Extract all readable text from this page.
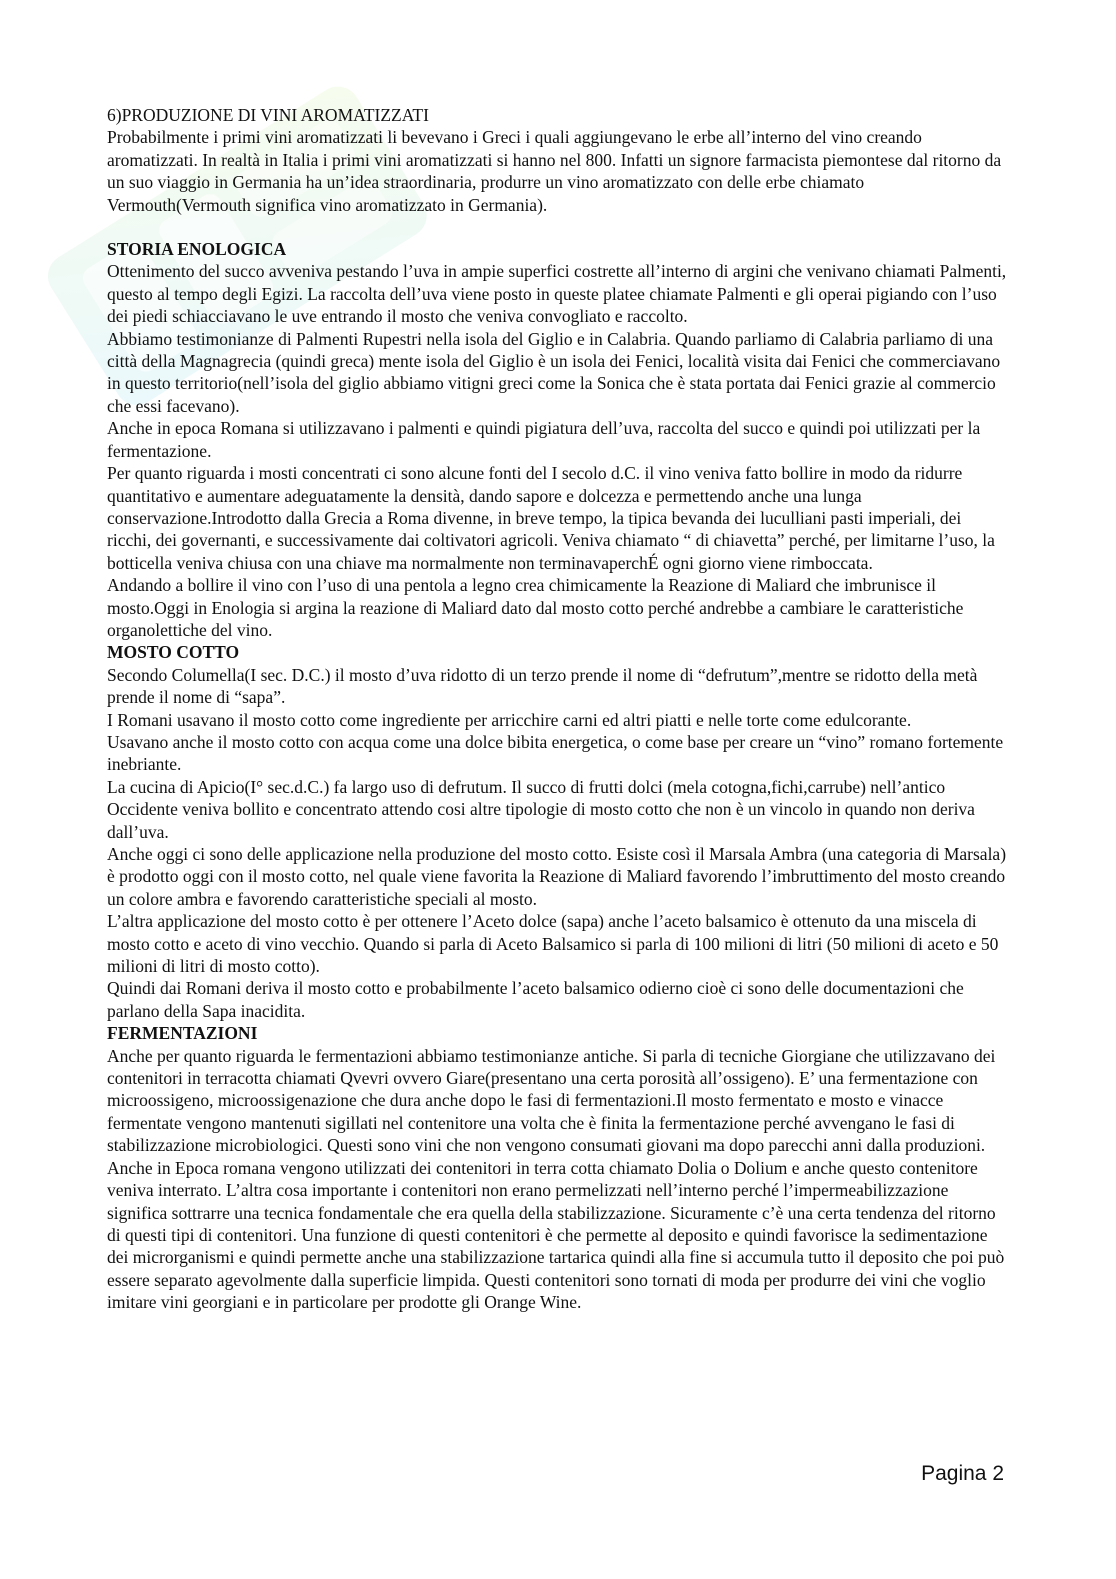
6)PRODUZIONE DI VINI AROMATIZZATI

Probabilmente i primi vini aromatizzati li bevevano i Greci i quali aggiungevano le erbe all’interno del vino creando aromatizzati. In realtà in Italia i primi vini aromatizzati si hanno nel 800. Infatti un signore farmacista piemontese dal ritorno da un suo viaggio in Germania ha un’idea straordinaria, produrre un vino aromatizzato con delle erbe chiamato Vermouth(Vermouth significa vino aromatizzato in Germania).

STORIA ENOLOGICA

Ottenimento del succo avveniva pestando l’uva in ampie superfici costrette all’interno di argini che venivano chiamati Palmenti, questo al tempo degli Egizi. La raccolta dell’uva viene posto in queste platee chiamate Palmenti e gli operai pigiando con l’uso dei piedi schiacciavano le uve entrando il mosto che veniva convogliato e raccolto.

Abbiamo testimonianze di Palmenti Rupestri nella isola del Giglio e in Calabria. Quando parliamo di Calabria parliamo di una città della Magnagrecia (quindi greca) mente isola del Giglio è un isola dei Fenici, località visita dai Fenici che commerciavano in questo territorio(nell’isola del giglio abbiamo vitigni greci come la Sonica che è stata portata dai Fenici grazie al commercio che essi facevano).

Anche in epoca Romana si utilizzavano i palmenti e quindi pigiatura dell’uva, raccolta del succo e quindi poi utilizzati per la fermentazione.

Per quanto riguarda i mosti concentrati ci sono alcune fonti del I secolo d.C. il vino veniva fatto bollire in modo da ridurre quantitativo e aumentare adeguatamente la densità, dando sapore e dolcezza e permettendo anche una lunga conservazione.Introdotto dalla Grecia a Roma divenne, in breve tempo, la tipica bevanda dei luculliani pasti imperiali, dei ricchi, dei governanti, e successivamente dai coltivatori agricoli. Veniva chiamato “ di chiavetta” perché, per limitarne l’uso, la botticella veniva chiusa con una chiave ma normalmente non terminavaperchÉ ogni giorno viene rimboccata.

Andando a bollire il vino con l’uso di una pentola a legno crea chimicamente la Reazione di Maliard che imbrunisce il mosto.Oggi in Enologia si argina la reazione di Maliard dato dal mosto cotto perché andrebbe a cambiare le caratteristiche organolettiche del vino.

MOSTO COTTO

Secondo Columella(I sec. D.C.) il mosto d’uva ridotto di un terzo prende il nome di “defrutum”,mentre se ridotto della metà prende il nome di “sapa”.

I Romani usavano il mosto cotto come ingrediente per arricchire carni ed altri piatti e nelle torte come edulcorante.

Usavano anche il mosto cotto con acqua come una dolce bibita energetica, o come base per creare un “vino” romano fortemente inebriante.

La cucina di Apicio(I° sec.d.C.) fa largo uso di defrutum. Il succo di frutti dolci (mela cotogna,fichi,carrube) nell’antico Occidente veniva bollito e concentrato attendo cosi altre tipologie di mosto cotto che non è un vincolo in quando non deriva dall’uva.

Anche oggi ci sono delle applicazione nella produzione del mosto cotto. Esiste così il Marsala Ambra (una categoria di Marsala) è prodotto oggi con il mosto cotto, nel quale viene favorita la Reazione di Maliard favorendo l’imbruttimento del mosto creando un colore ambra e favorendo caratteristiche speciali al mosto.

L’altra applicazione del mosto cotto è per ottenere l’Aceto dolce (sapa) anche l’aceto balsamico è ottenuto da una miscela di mosto cotto e aceto di vino vecchio. Quando si parla di Aceto Balsamico si parla di 100 milioni di litri (50 milioni di aceto e 50 milioni di litri di mosto cotto).

Quindi dai Romani deriva il mosto cotto e probabilmente l’aceto balsamico odierno cioè ci sono delle documentazioni che parlano della Sapa inacidita.

FERMENTAZIONI

Anche per quanto riguarda le fermentazioni abbiamo testimonianze antiche. Si parla di tecniche Giorgiane che utilizzavano dei contenitori in terracotta chiamati Qvevri ovvero Giare(presentano una certa porosità all’ossigeno). E’ una fermentazione con microossigeno, microossigenazione che dura anche dopo le fasi di fermentazioni.Il mosto fermentato e mosto e vinacce fermentate vengono mantenuti sigillati nel contenitore una volta che è finita la fermentazione perché avvengano le fasi di stabilizzazione microbiologici. Questi sono vini che non vengono consumati giovani ma dopo parecchi anni dalla produzioni.

Anche in Epoca romana vengono utilizzati dei contenitori in terra cotta chiamato Dolia o Dolium e anche questo contenitore veniva interrato. L’altra cosa importante i contenitori non erano permelizzati nell’interno perché l’impermeabilizzazione significa sottrarre una tecnica fondamentale che era quella della stabilizzazione. Sicuramente c’è una certa tendenza del ritorno di questi tipi di contenitori. Una funzione di questi contenitori è che permette al deposito e quindi favorisce la sedimentazione dei microrganismi e quindi permette anche una stabilizzazione tartarica quindi alla fine si accumula tutto il deposito che poi può essere separato agevolmente dalla superficie limpida. Questi contenitori sono tornati di moda per produrre dei vini che voglio imitare vini georgiani e in particolare per prodotte gli Orange Wine.

Pagina 2
